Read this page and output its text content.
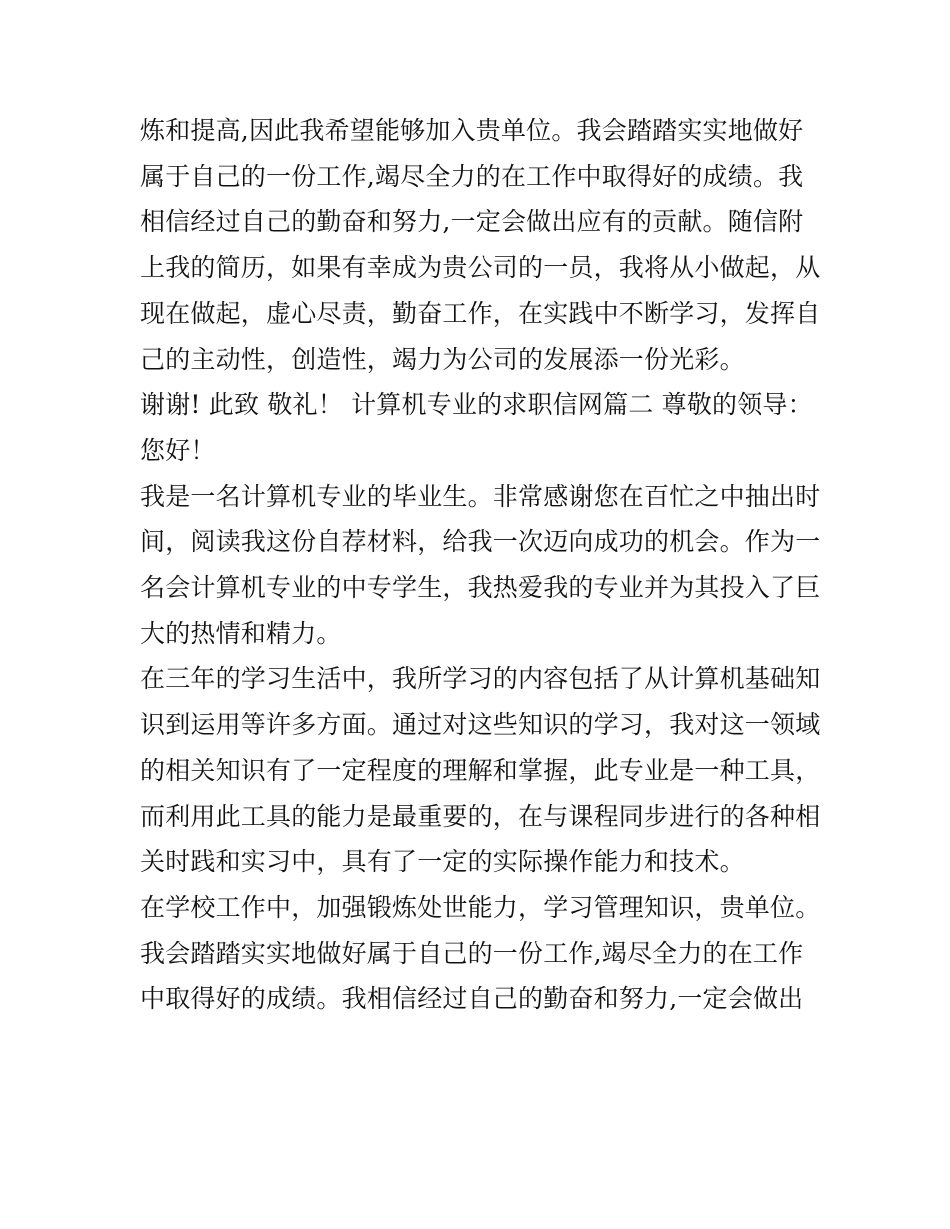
炼和提高,因此我希望能够加入贵单位。我会踏踏实实地做好
属于自己的一份工作,竭尽全力的在工作中取得好的成绩。我
相信经过自己的勤奋和努力,一定会做出应有的贡献。随信附
上我的简历，如果有幸成为贵公司的一员，我将从小做起，从
现在做起，虚心尽责，勤奋工作，在实践中不断学习，发挥自
己的主动性，创造性，竭力为公司的发展添一份光彩。
谢谢! 此致 敬礼！ 计算机专业的求职信网篇二 尊敬的领导：
您好！
我是一名计算机专业的毕业生。非常感谢您在百忙之中抽出时
间，阅读我这份自荐材料，给我一次迈向成功的机会。作为一
名会计算机专业的中专学生，我热爱我的专业并为其投入了巨
大的热情和精力。
在三年的学习生活中，我所学习的内容包括了从计算机基础知
识到运用等许多方面。通过对这些知识的学习，我对这一领域
的相关知识有了一定程度的理解和掌握，此专业是一种工具，
而利用此工具的能力是最重要的，在与课程同步进行的各种相
关时践和实习中，具有了一定的实际操作能力和技术。
在学校工作中，加强锻炼处世能力，学习管理知识，贵单位。
我会踏踏实实地做好属于自己的一份工作,竭尽全力的在工作
中取得好的成绩。我相信经过自己的勤奋和努力,一定会做出
